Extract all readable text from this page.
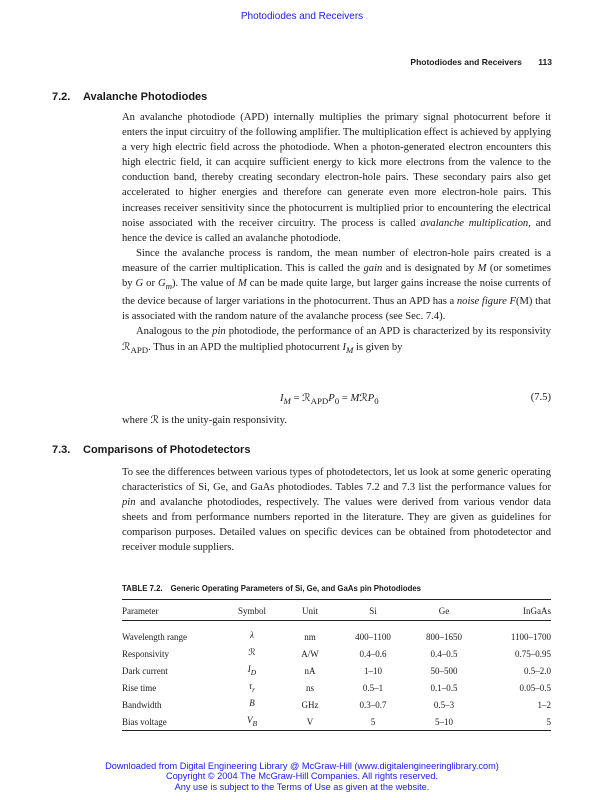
Photodiodes and Receivers
Photodiodes and Receivers 113
7.2. Avalanche Photodiodes

An avalanche photodiode (APD) internally multiplies the primary signal photocurrent before it enters the input circuitry of the following amplifier. The multiplication effect is achieved by applying a very high electric field across the photodiode. When a photon-generated electron encounters this high electric field, it can acquire sufficient energy to kick more electrons from the valence to the conduction band, thereby creating secondary electron-hole pairs. These secondary pairs also get accelerated to higher energies and therefore can generate even more electron-hole pairs. This increases receiver sensitivity since the photocurrent is multiplied prior to encountering the electrical noise associated with the receiver circuitry. The process is called avalanche multiplication, and hence the device is called an avalanche photodiode.

Since the avalanche process is random, the mean number of electron-hole pairs created is a measure of the carrier multiplication. This is called the gain and is designated by M (or sometimes by G or $G_m$). The value of M can be made quite large, but larger gains increase the noise currents of the device because of larger variations in the photocurrent. Thus an APD has a noise figure F(M) that is associated with the random nature of the avalanche process (see Sec. 7.4).

Analogous to the pin photodiode, the performance of an APD is characterized by its responsivity ℛ$_{APD}$. Thus in an APD the multiplied photocurrent $I_M$ is given by

$I_M$ = $ℛ_{APD}P_0$ = MℛP$_0$	(7.5)
where ℛ is the unity-gain responsivity.
7.3. Comparisons of Photodetectors

To see the differences between various types of photodetectors, let us look at some generic operating characteristics of Si, Ge, and GaAs photodiodes. Tables 7.2 and 7.3 list the performance values for pin and avalanche photodiodes, respectively. The values were derived from various vendor data sheets and from performance numbers reported in the literature. They are given as guidelines for comparison purposes. Detailed values on specific devices can be obtained from photodetector and receiver module suppliers.

TABLE 7.2. Generic Operating Parameters of Si, Ge, and GaAs pin Photodiodes
Parameter	Symbol	Unit	Si	Ge	InGaAs
Wavelength range	λ	nm	400–1100	800–1650	1100–1700
Responsivity	ℛ	A/W	0.4–0.6	0.4–0.5	0.75–0.95
Dark current	$I_D$	nA	1–10	50–500	0.5–2.0
Rise time	$\tau_r$	ns	0.5–1	0.1–0.5	0.05–0.5
Bandwidth	B	GHz	0.3–0.7	0.5–3	1–2
Bias voltage	$V_B$	V	5	5–10	5
Downloaded from Digital Engineering Library @ McGraw-Hill (www.digitalengineeringlibrary.com)
Copyright © 2004 The McGraw-Hill Companies. All rights reserved.
Any use is subject to the Terms of Use as given at the website.
